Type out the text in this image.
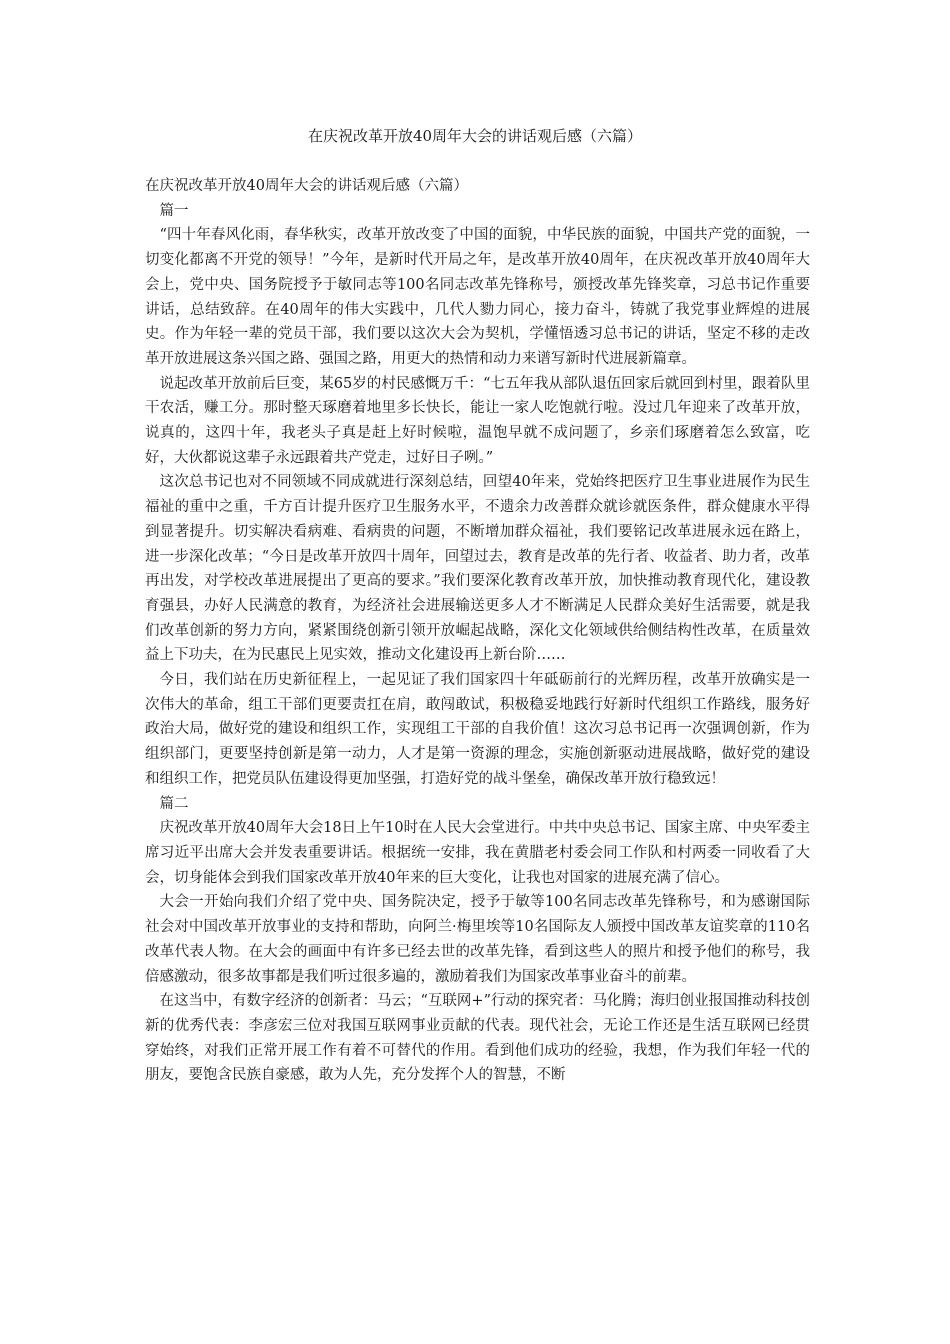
在庆祝改革开放40周年大会的讲话观后感（六篇）

在庆祝改革开放40周年大会的讲话观后感（六篇）

篇一

“四十年春风化雨，春华秋实，改革开放改变了中国的面貌，中华民族的面貌，中国共产党的面貌，一切变化都离不开党的领导！”今年，是新时代开局之年，是改革开放40周年，在庆祝改革开放40周年大会上，党中央、国务院授予于敏同志等100名同志改革先锋称号，颁授改革先锋奖章，习总书记作重要讲话，总结致辞。在40周年的伟大实践中，几代人勠力同心，接力奋斗，铸就了我党事业辉煌的进展史。作为年轻一辈的党员干部，我们要以这次大会为契机，学懂悟透习总书记的讲话，坚定不移的走改革开放进展这条兴国之路、强国之路，用更大的热情和动力来谱写新时代进展新篇章。

说起改革开放前后巨变，某65岁的村民感慨万千：“七五年我从部队退伍回家后就回到村里，跟着队里干农活，赚工分。那时整天琢磨着地里多长快长，能让一家人吃饱就行啦。没过几年迎来了改革开放，说真的，这四十年，我老头子真是赶上好时候啦，温饱早就不成问题了，乡亲们琢磨着怎么致富，吃好，大伙都说这辈子永远跟着共产党走，过好日子咧。”

这次总书记也对不同领域不同成就进行深刻总结，回望40年来，党始终把医疗卫生事业进展作为民生福祉的重中之重，千方百计提升医疗卫生服务水平，不遗余力改善群众就诊就医条件，群众健康水平得到显著提升。切实解决看病难、看病贵的问题，不断增加群众福祉，我们要铭记改革进展永远在路上，进一步深化改革；“今日是改革开放四十周年，回望过去，教育是改革的先行者、收益者、助力者，改革再出发，对学校改革进展提出了更高的要求。”我们要深化教育改革开放，加快推动教育现代化，建设教育强县，办好人民满意的教育，为经济社会进展输送更多人才不断满足人民群众美好生活需要，就是我们改革创新的努力方向，紧紧围绕创新引领开放崛起战略，深化文化领域供给侧结构性改革，在质量效益上下功夫，在为民惠民上见实效，推动文化建设再上新台阶……

今日，我们站在历史新征程上，一起见证了我们国家四十年砥砺前行的光辉历程，改革开放确实是一次伟大的革命，组工干部们更要责扛在肩，敢闯敢试，积极稳妥地践行好新时代组织工作路线，服务好政治大局，做好党的建设和组织工作，实现组工干部的自我价值！这次习总书记再一次强调创新，作为组织部门，更要坚持创新是第一动力，人才是第一资源的理念，实施创新驱动进展战略，做好党的建设和组织工作，把党员队伍建设得更加坚强，打造好党的战斗堡垒，确保改革开放行稳致远！

篇二

庆祝改革开放40周年大会18日上午10时在人民大会堂进行。中共中央总书记、国家主席、中央军委主席习近平出席大会并发表重要讲话。根据统一安排，我在黄腊老村委会同工作队和村两委一同收看了大会，切身能体会到我们国家改革开放40年来的巨大变化，让我也对国家的进展充满了信心。

大会一开始向我们介绍了党中央、国务院决定，授予于敏等100名同志改革先锋称号，和为感谢国际社会对中国改革开放事业的支持和帮助，向阿兰·梅里埃等10名国际友人颁授中国改革友谊奖章的110名改革代表人物。在大会的画面中有许多已经去世的改革先锋，看到这些人的照片和授予他们的称号，我倍感激动，很多故事都是我们听过很多遍的，激励着我们为国家改革事业奋斗的前辈。

在这当中，有数字经济的创新者：马云；“互联网+”行动的探究者：马化腾；海归创业报国推动科技创新的优秀代表：李彦宏三位对我国互联网事业贡献的代表。现代社会，无论工作还是生活互联网已经贯穿始终，对我们正常开展工作有着不可替代的作用。看到他们成功的经验，我想，作为我们年轻一代的朋友，要饱含民族自豪感，敢为人先，充分发挥个人的智慧，不断
